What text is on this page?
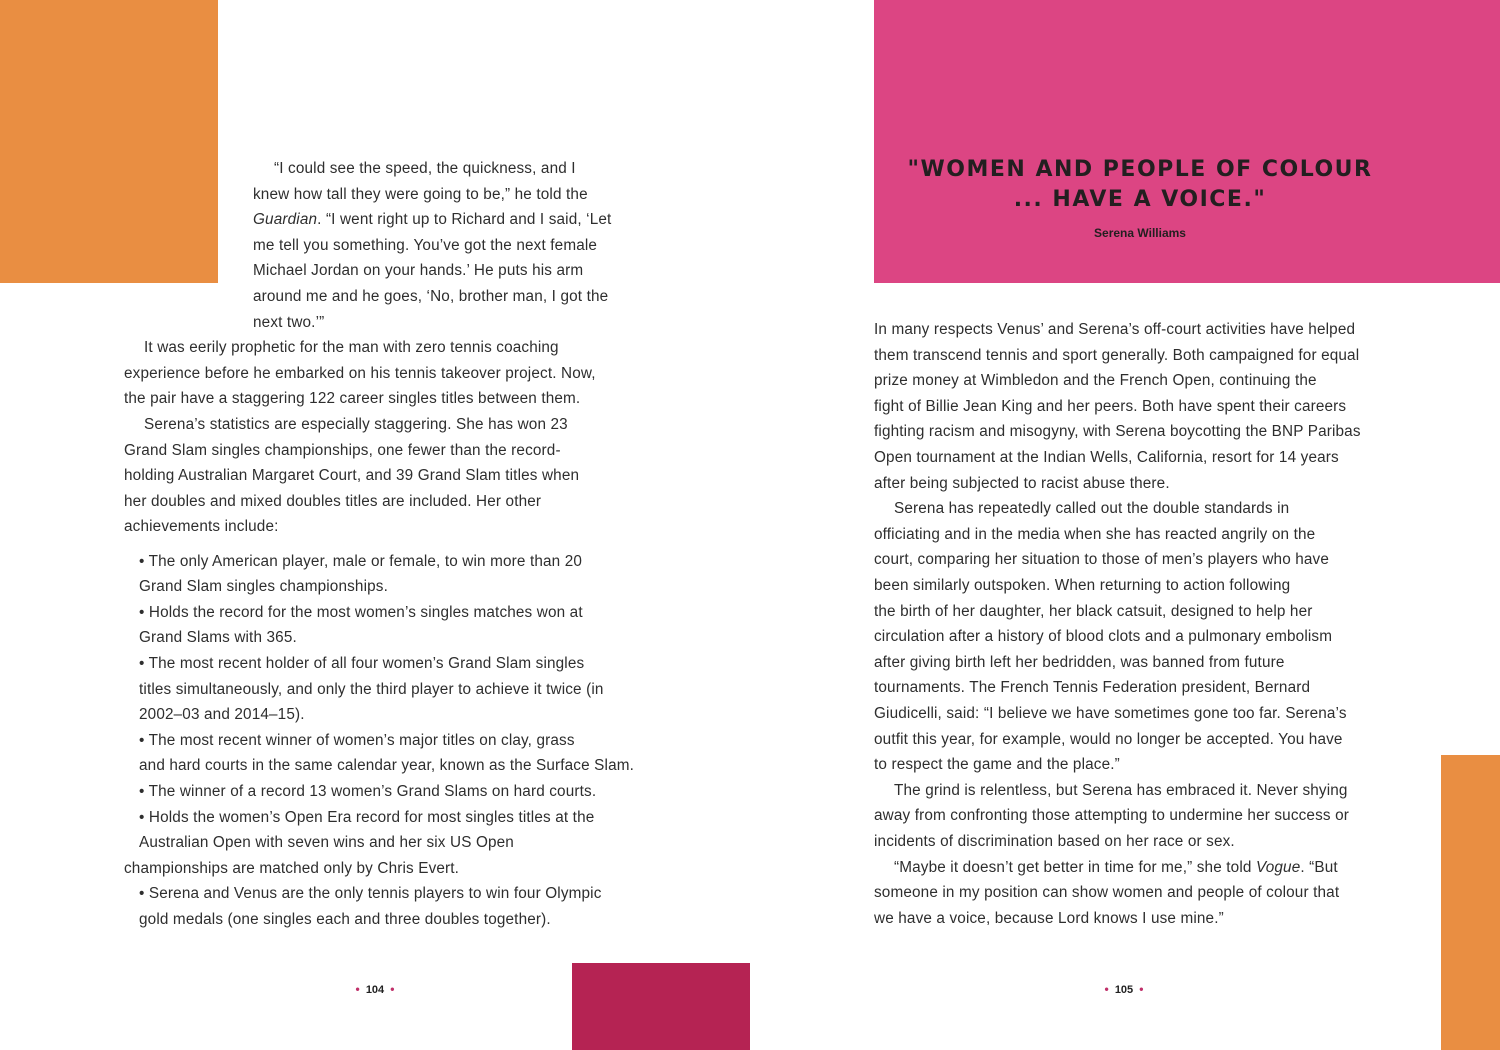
"WOMEN AND PEOPLE OF COLOUR
... HAVE A VOICE."
Serena Williams
“I could see the speed, the quickness, and I
knew how tall they were going to be,” he told the
Guardian. “I went right up to Richard and I said, ‘Let
me tell you something. You’ve got the next female
Michael Jordan on your hands.’ He puts his arm
around me and he goes, ‘No, brother man, I got the
next two.’”
It was eerily prophetic for the man with zero tennis coaching
experience before he embarked on his tennis takeover project. Now,
the pair have a staggering 122 career singles titles between them.
Serena’s statistics are especially staggering. She has won 23
Grand Slam singles championships, one fewer than the record-
holding Australian Margaret Court, and 39 Grand Slam titles when
her doubles and mixed doubles titles are included. Her other
achievements include:
• The only American player, male or female, to win more than 20
Grand Slam singles championships.
• Holds the record for the most women’s singles matches won at
Grand Slams with 365.
• The most recent holder of all four women’s Grand Slam singles
titles simultaneously, and only the third player to achieve it twice (in
2002–03 and 2014–15).
• The most recent winner of women’s major titles on clay, grass
and hard courts in the same calendar year, known as the Surface Slam.
• The winner of a record 13 women’s Grand Slams on hard courts.
• Holds the women’s Open Era record for most singles titles at the
Australian Open with seven wins and her six US Open
championships are matched only by Chris Evert.
• Serena and Venus are the only tennis players to win four Olympic
gold medals (one singles each and three doubles together).
In many respects Venus’ and Serena’s off-court activities have helped
them transcend tennis and sport generally. Both campaigned for equal
prize money at Wimbledon and the French Open, continuing the
fight of Billie Jean King and her peers. Both have spent their careers
fighting racism and misogyny, with Serena boycotting the BNP Paribas
Open tournament at the Indian Wells, California, resort for 14 years
after being subjected to racist abuse there.
Serena has repeatedly called out the double standards in
officiating and in the media when she has reacted angrily on the
court, comparing her situation to those of men’s players who have
been similarly outspoken. When returning to action following
the birth of her daughter, her black catsuit, designed to help her
circulation after a history of blood clots and a pulmonary embolism
after giving birth left her bedridden, was banned from future
tournaments. The French Tennis Federation president, Bernard
Giudicelli, said: “I believe we have sometimes gone too far. Serena’s
outfit this year, for example, would no longer be accepted. You have
to respect the game and the place.”
The grind is relentless, but Serena has embraced it. Never shying
away from confronting those attempting to undermine her success or
incidents of discrimination based on her race or sex.
“Maybe it doesn’t get better in time for me,” she told Vogue. “But
someone in my position can show women and people of colour that
we have a voice, because Lord knows I use mine.”
• 104 •	• 105 •
